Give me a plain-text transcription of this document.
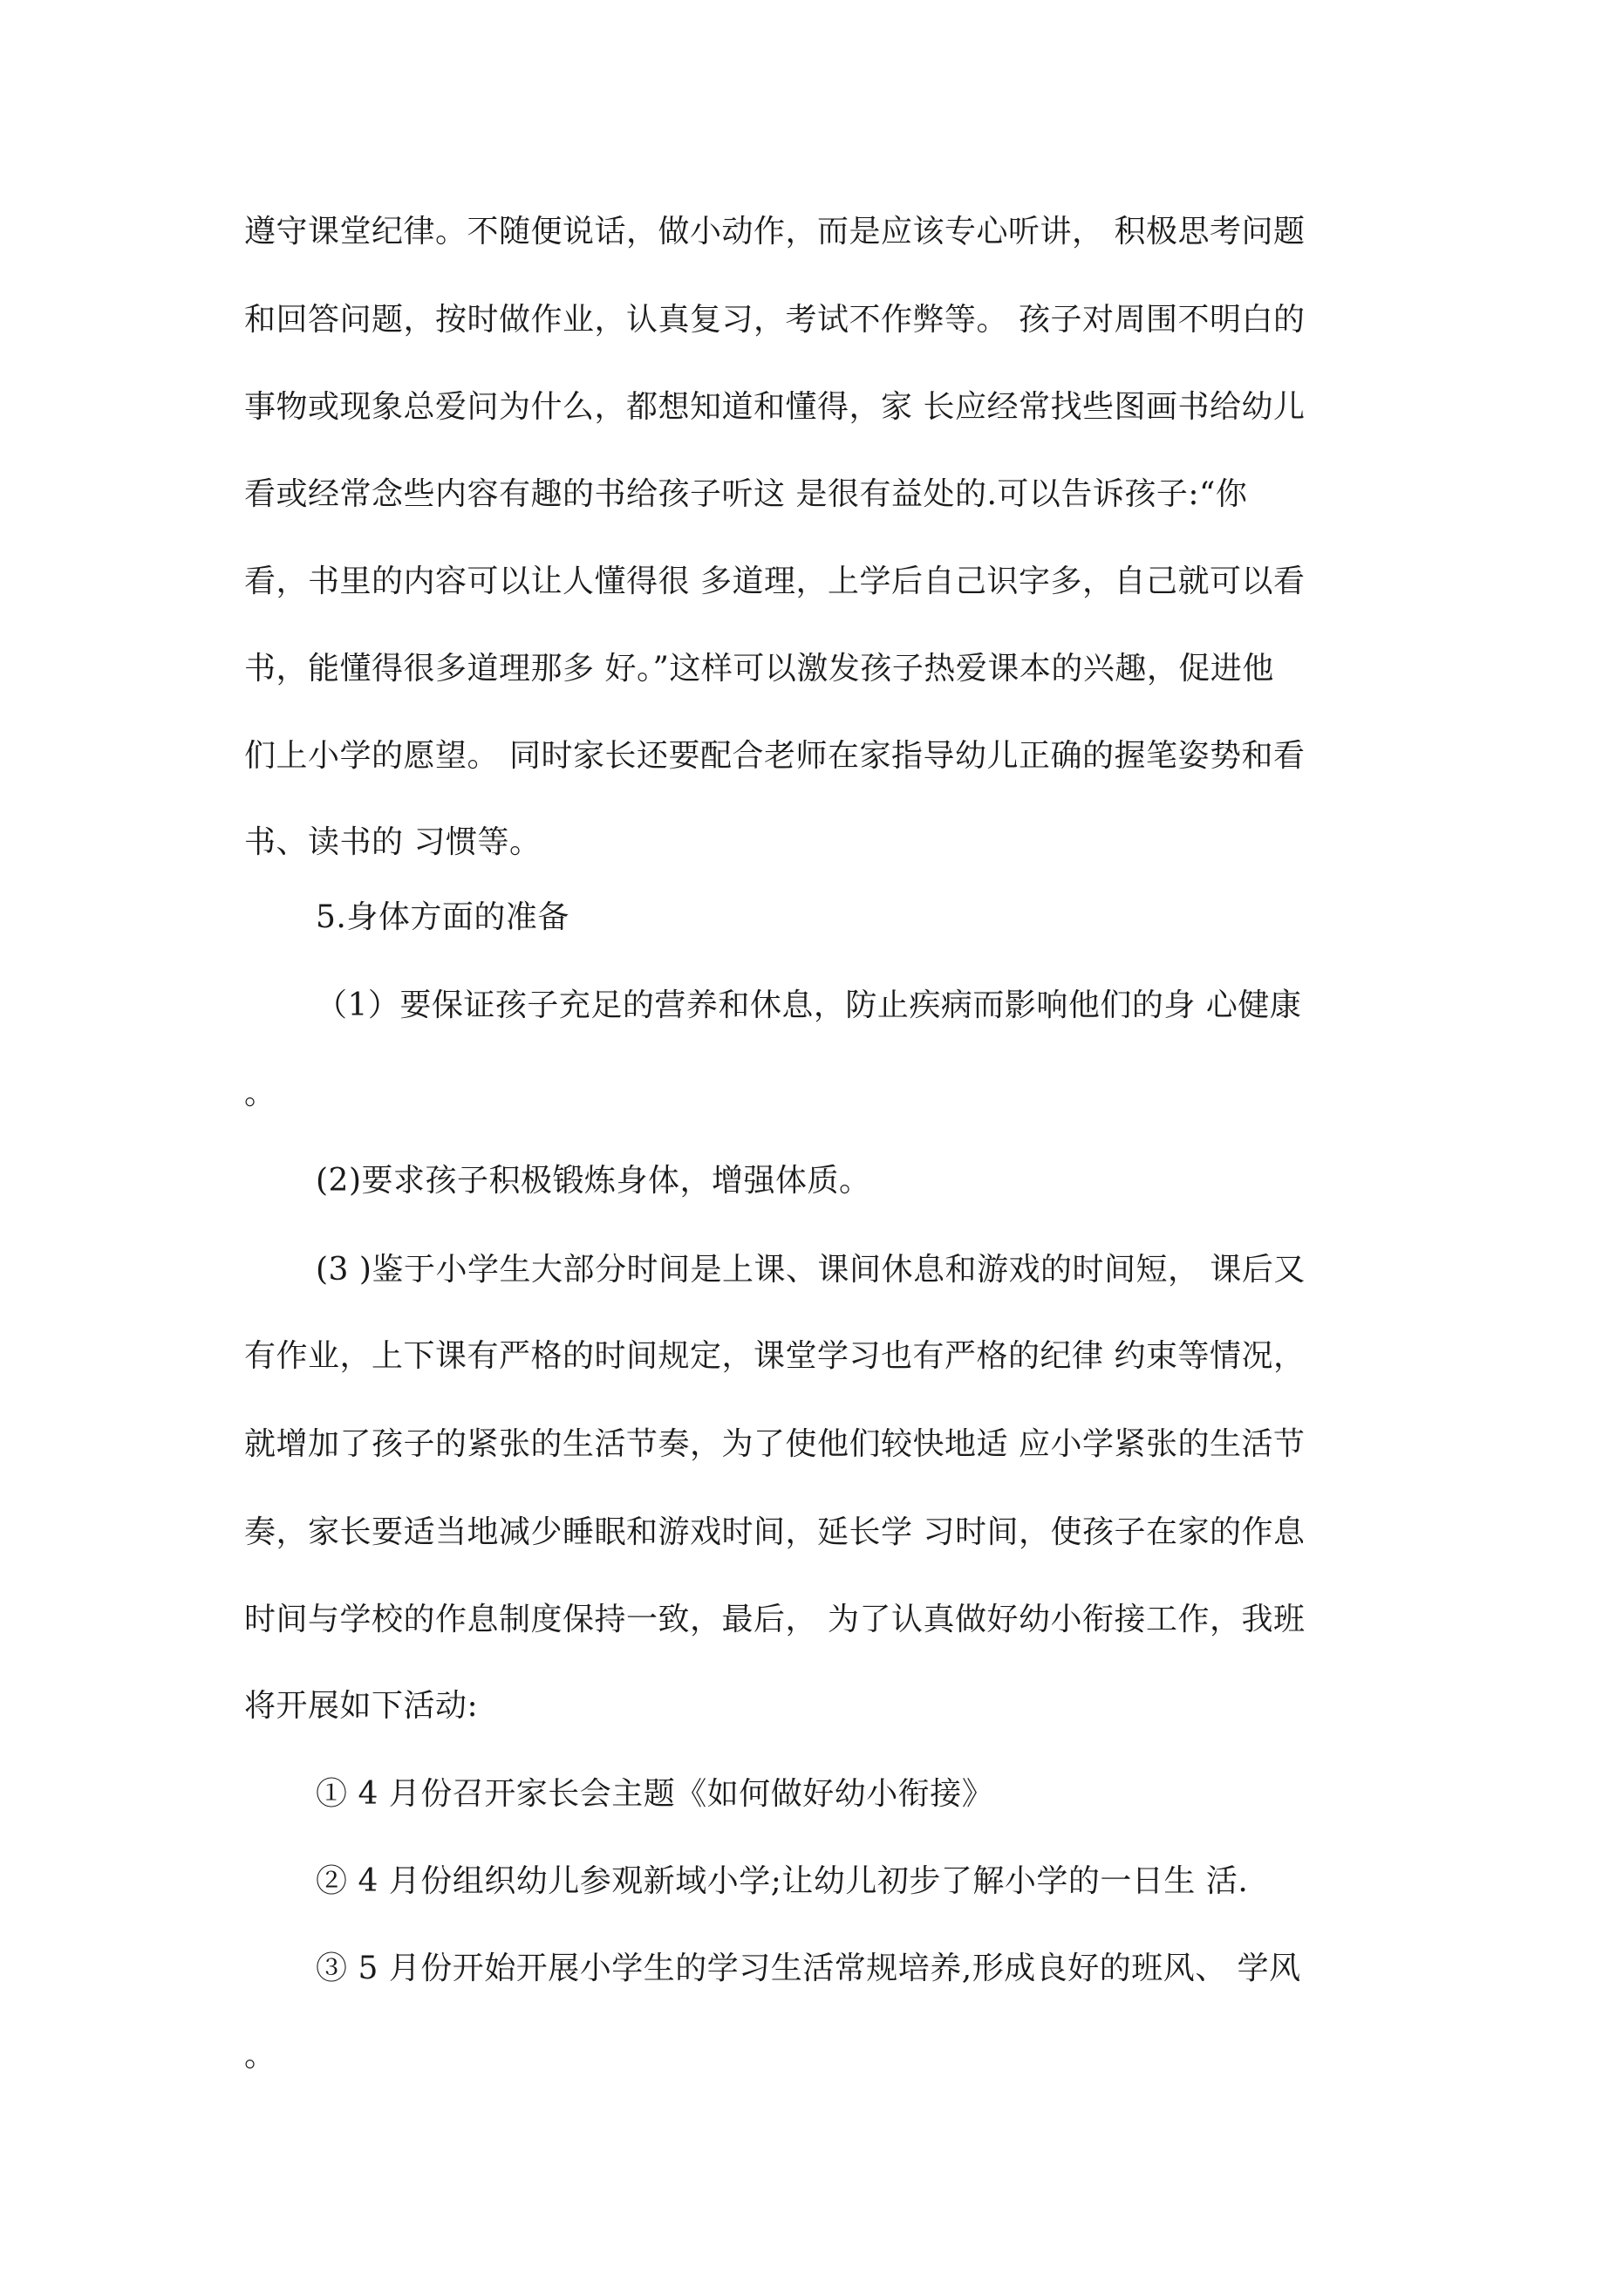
遵守课堂纪律。不随便说话，做小动作，而是应该专心听讲， 积极思考问题
和回答问题，按时做作业，认真复习，考试不作弊等。 孩子对周围不明白的
事物或现象总爱问为什么，都想知道和懂得，家 长应经常找些图画书给幼儿
看或经常念些内容有趣的书给孩子听这 是很有益处的.可以告诉孩子:“你
看，书里的内容可以让人懂得很 多道理，上学后自己识字多，自己就可以看
书，能懂得很多道理那多 好。”这样可以激发孩子热爱课本的兴趣，促进他
们上小学的愿望。 同时家长还要配合老师在家指导幼儿正确的握笔姿势和看
书、读书的 习惯等。
5.身体方面的准备
（1）要保证孩子充足的营养和休息，防止疾病而影响他们的身 心健康
。
(2)要求孩子积极锻炼身体，增强体质。
(3 )鉴于小学生大部分时间是上课、课间休息和游戏的时间短， 课后又
有作业，上下课有严格的时间规定，课堂学习也有严格的纪律 约束等情况，
就增加了孩子的紧张的生活节奏，为了使他们较快地适 应小学紧张的生活节
奏，家长要适当地减少睡眠和游戏时间，延长学 习时间，使孩子在家的作息
时间与学校的作息制度保持一致，最后， 为了认真做好幼小衔接工作，我班
将开展如下活动:
① 4 月份召开家长会主题《如何做好幼小衔接》
② 4 月份组织幼儿参观新域小学;让幼儿初步了解小学的一日生 活.
③ 5 月份开始开展小学生的学习生活常规培养,形成良好的班风、 学风
。
